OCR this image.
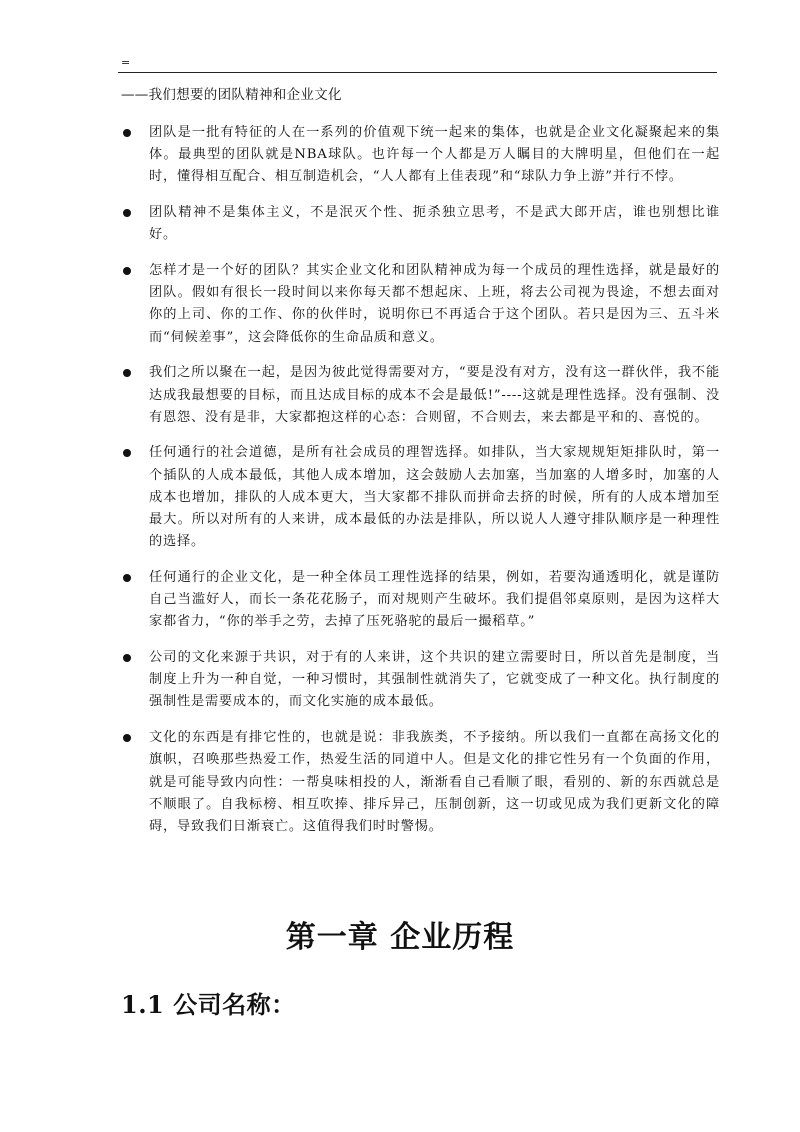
=
——我们想要的团队精神和企业文化
团队是一批有特征的人在一系列的价值观下统一起来的集体，也就是企业文化凝聚起来的集体。最典型的团队就是NBA球队。也许每一个人都是万人瞩目的大牌明星，但他们在一起时，懂得相互配合、相互制造机会，“人人都有上佳表现”和“球队力争上游”并行不悖。
团队精神不是集体主义，不是泯灭个性、扼杀独立思考，不是武大郎开店，谁也别想比谁好。
怎样才是一个好的团队？其实企业文化和团队精神成为每一个成员的理性选择，就是最好的团队。假如有很长一段时间以来你每天都不想起床、上班，将去公司视为畏途，不想去面对你的上司、你的工作、你的伙伴时，说明你已不再适合于这个团队。若只是因为三、五斗米而“伺候差事”，这会降低你的生命品质和意义。
我们之所以聚在一起，是因为彼此觉得需要对方，“要是没有对方，没有这一群伙伴，我不能达成我最想要的目标，而且达成目标的成本不会是最低!”----这就是理性选择。没有强制、没有恩怨、没有是非，大家都抱这样的心态：合则留，不合则去，来去都是平和的、喜悦的。
任何通行的社会道德，是所有社会成员的理智选择。如排队，当大家规规矩矩排队时，第一个插队的人成本最低，其他人成本增加，这会鼓励人去加塞，当加塞的人增多时，加塞的人成本也增加，排队的人成本更大，当大家都不排队而拼命去挤的时候，所有的人成本增加至最大。所以对所有的人来讲，成本最低的办法是排队，所以说人人遵守排队顺序是一种理性的选择。
任何通行的企业文化，是一种全体员工理性选择的结果，例如，若要沟通透明化，就是谨防自己当滥好人，而长一条花花肠子，而对规则产生破坏。我们提倡邻桌原则，是因为这样大家都省力，“你的举手之劳，去掉了压死骆驼的最后一撮稻草。”
公司的文化来源于共识，对于有的人来讲，这个共识的建立需要时日，所以首先是制度，当制度上升为一种自觉，一种习惯时，其强制性就消失了，它就变成了一种文化。执行制度的强制性是需要成本的，而文化实施的成本最低。
文化的东西是有排它性的，也就是说：非我族类，不予接纳。所以我们一直都在高扬文化的旗帜，召唤那些热爱工作，热爱生活的同道中人。但是文化的排它性另有一个负面的作用，就是可能导致内向性：一帮臭味相投的人，渐渐看自己看顺了眼，看别的、新的东西就总是不顺眼了。自我标榜、相互吹捧、排斥异己，压制创新，这一切或见成为我们更新文化的障碍，导致我们日渐衰亡。这值得我们时时警惕。
第一章 企业历程
1.1 公司名称：
